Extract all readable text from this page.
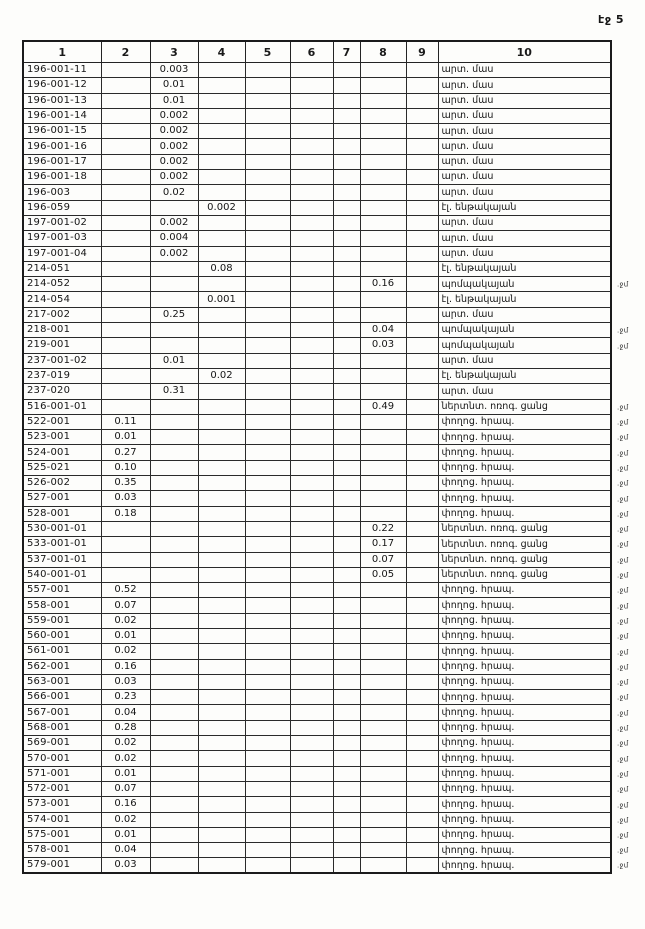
էջ 5
1	2	3	4	5	6	7	8	9	10
196-001-11		0.003							արտ. մաս
196-001-12		0.01							արտ. մաս
196-001-13		0.01							արտ. մաս
196-001-14		0.002							արտ. մաս
196-001-15		0.002							արտ. մաս
196-001-16		0.002							արտ. մաս
196-001-17		0.002							արտ. մաս
196-001-18		0.002							արտ. մաս
196-003		0.02							արտ. մաս
196-059			0.002						էլ. ենթակայան
197-001-02		0.002							արտ. մաս
197-001-03		0.004							արտ. մաս
197-001-04		0.002							արտ. մաս
214-051			0.08						էլ. ենթակայան
214-052							0.16		պոմպակայան .ջմ

214-054			0.001						էլ. ենթակայան
217-002		0.25							արտ. մաս
218-001							0.04		պոմպակայան .ջմ

219-001							0.03		պոմպակայան .ջմ

237-001-02		0.01							արտ. մաս
237-019			0.02						էլ. ենթակայան
237-020		0.31							արտ. մաս
516-001-01							0.49		ներտնտ. ոռոգ. ցանց .ջմ

522-001	0.11								փողոց. հրապ. .ջմ

523-001	0.01								փողոց. հրապ. .ջմ

524-001	0.27								փողոց. հրապ. .ջմ

525-021	0.10								փողոց. հրապ. .ջմ

526-002	0.35								փողոց. հրապ. .ջմ

527-001	0.03								փողոց. հրապ. .ջմ

528-001	0.18								փողոց. հրապ. .ջմ

530-001-01							0.22		ներտնտ. ոռոգ. ցանց .ջմ

533-001-01							0.17		ներտնտ. ոռոգ. ցանց .ջմ

537-001-01							0.07		ներտնտ. ոռոգ. ցանց .ջմ

540-001-01							0.05		ներտնտ. ոռոգ. ցանց .ջմ

557-001	0.52								փողոց. հրապ. .ջմ

558-001	0.07								փողոց. հրապ. .ջմ

559-001	0.02								փողոց. հրապ. .ջմ

560-001	0.01								փողոց. հրապ. .ջմ

561-001	0.02								փողոց. հրապ. .ջմ

562-001	0.16								փողոց. հրապ. .ջմ

563-001	0.03								փողոց. հրապ. .ջմ

566-001	0.23								փողոց. հրապ. .ջմ

567-001	0.04								փողոց. հրապ. .ջմ

568-001	0.28								փողոց. հրապ. .ջմ

569-001	0.02								փողոց. հրապ. .ջմ

570-001	0.02								փողոց. հրապ. .ջմ

571-001	0.01								փողոց. հրապ. .ջմ

572-001	0.07								փողոց. հրապ. .ջմ

573-001	0.16								փողոց. հրապ. .ջմ

574-001	0.02								փողոց. հրապ. .ջմ

575-001	0.01								փողոց. հրապ. .ջմ

578-001	0.04								փողոց. հրապ. .ջմ

579-001	0.03								փողոց. հրապ. .ջմ
